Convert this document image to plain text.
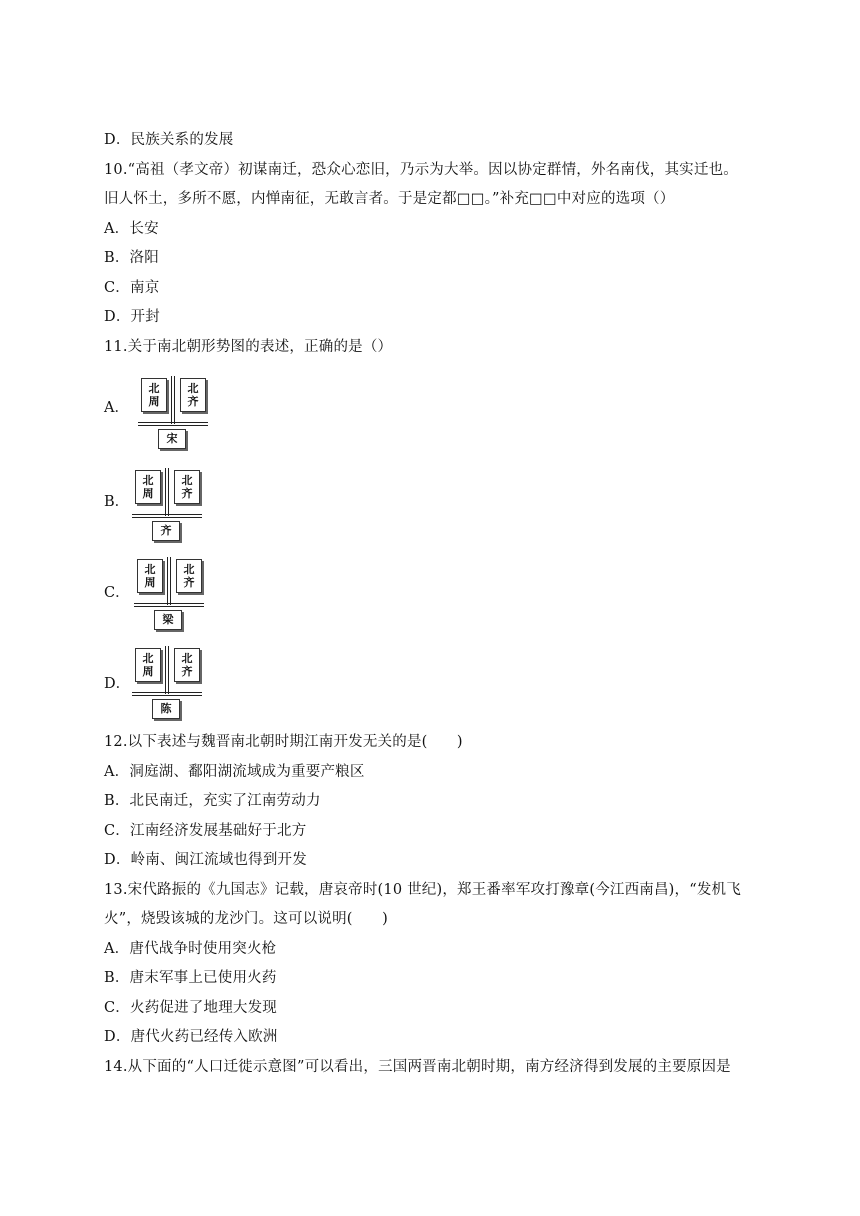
D．民族关系的发展
10.“高祖（孝文帝）初谋南迁，恐众心恋旧，乃示为大举。因以协定群情，外名南伐，其实迁也。
旧人怀土，多所不愿，内惮南征，无敢言者。于是定都□□。”补充□□中对应的选项（）
A．长安
B．洛阳
C．南京
D．开封
11.关于南北朝形势图的表述，正确的是（）
A．
北
周
北
齐
宋
B．
北
周
北
齐
齐
C．
北
周
北
齐
梁
D．
北
周
北
齐
陈
12.以下表述与魏晋南北朝时期江南开发无关的是(　　)
A．洞庭湖、鄱阳湖流域成为重要产粮区
B．北民南迁，充实了江南劳动力
C．江南经济发展基础好于北方
D．岭南、闽江流域也得到开发
13.宋代路振的《九国志》记载，唐哀帝时(10 世纪)，郑王番率军攻打豫章(今江西南昌)，“发机飞
火”，烧毁该城的龙沙门。这可以说明(　　)
A．唐代战争时使用突火枪
B．唐末军事上已使用火药
C．火药促进了地理大发现
D．唐代火药已经传入欧洲
14.从下面的“人口迁徙示意图”可以看出，三国两晋南北朝时期，南方经济得到发展的主要原因是
